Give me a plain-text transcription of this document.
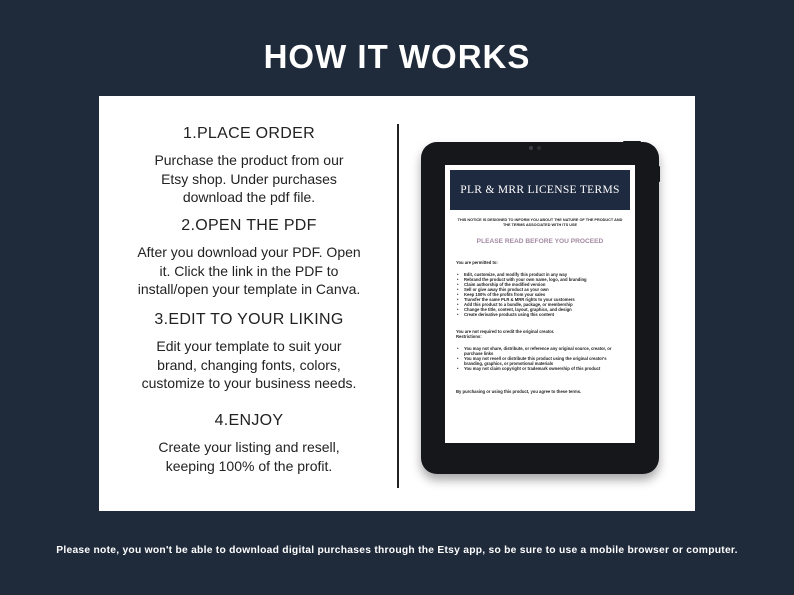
HOW IT WORKS
1.PLACE ORDER
Purchase the product from our
Etsy shop. Under purchases
download the pdf file.
2.OPEN THE PDF
After you download your PDF. Open
it. Click the link in the PDF to
install/open your template in Canva.
3.EDIT TO YOUR LIKING
Edit your template to suit your
brand, changing fonts, colors,
customize to your business needs.
4.ENJOY
Create your listing and resell,
keeping 100% of the profit.
PLR & MRR LICENSE TERMS
THIS NOTICE IS DESIGNED TO INFORM YOU ABOUT THE NATURE OF THE PRODUCT AND THE TERMS ASSOCIATED WITH ITS USE
PLEASE READ BEFORE YOU PROCEED
You are permitted to:
• Edit, customize, and modify this product in any way
• Rebrand the product with your own name, logo, and branding
• Claim authorship of the modified version
• Sell or give away this product as your own
• Keep 100% of the profits from your sales
• Transfer the same PLR & MRR rights to your customers
• Add this product to a bundle, package, or membership
• Change the title, content, layout, graphics, and design
• Create derivative products using this content
You are not required to credit the original creator.
Restrictions:
• You may not share, distribute, or reference any original source, creator, or purchase links
• You may not resell or distribute this product using the original creator's branding, graphics, or promotional materials
• You may not claim copyright or trademark ownership of this product
By purchasing or using this product, you agree to these terms.
Please note, you won't be able to download digital purchases through the Etsy app, so be sure to use a mobile browser or computer.
